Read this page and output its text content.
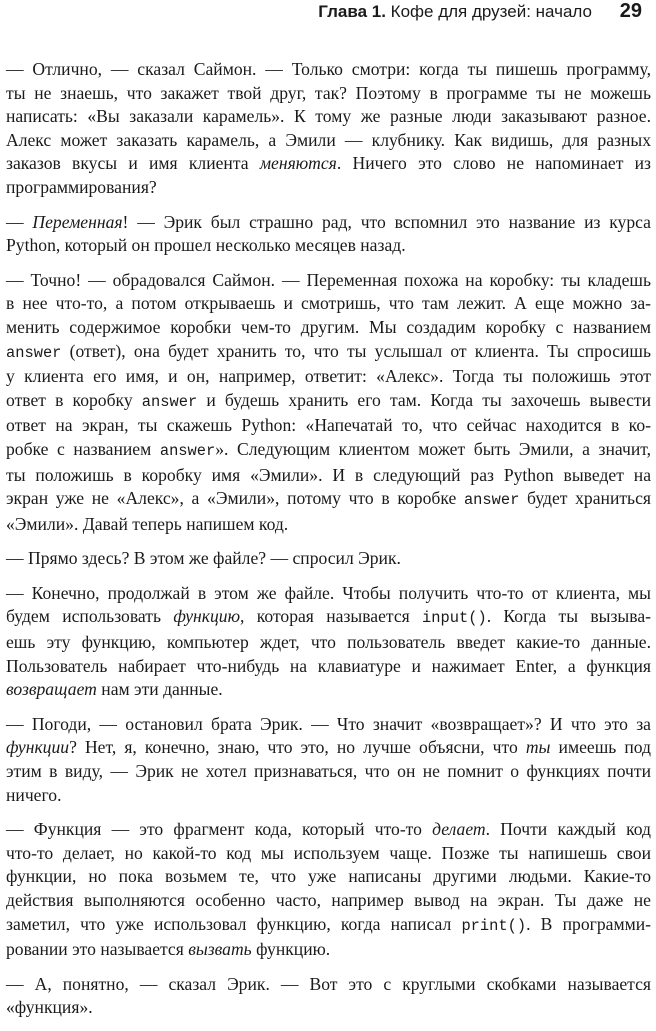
Глава 1. Кофе для друзей: начало 29

— Отлично, — сказал Саймон. — Только смотри: когда ты пишешь программу,
ты не знаешь, что закажет твой друг, так? Поэтому в программе ты не можешь
написать: «Вы заказали карамель». К тому же разные люди заказывают разное.
Алекс может заказать карамель, а Эмили — клубнику. Как видишь, для разных
заказов вкусы и имя клиента меняются. Ничего это слово не напоминает из
программирования?

— Переменная! — Эрик был страшно рад, что вспомнил это название из курса
Python, который он прошел несколько месяцев назад.

— Точно! — обрадовался Саймон. — Переменная похожа на коробку: ты кладешь
в нее что-то, а потом открываешь и смотришь, что там лежит. А еще можно за-
менить содержимое коробки чем-то другим. Мы создадим коробку с названием
answer (ответ), она будет хранить то, что ты услышал от клиента. Ты спросишь
у клиента его имя, и он, например, ответит: «Алекс». Тогда ты положишь этот
ответ в коробку answer и будешь хранить его там. Когда ты захочешь вывести
ответ на экран, ты скажешь Python: «Напечатай то, что сейчас находится в ко-
робке с названием answer». Следующим клиентом может быть Эмили, а значит,
ты положишь в коробку имя «Эмили». И в следующий раз Python выведет на
экран уже не «Алекс», а «Эмили», потому что в коробке answer будет храниться
«Эмили». Давай теперь напишем код.

— Прямо здесь? В этом же файле? — спросил Эрик.

— Конечно, продолжай в этом же файле. Чтобы получить что-то от клиента, мы
будем использовать функцию, которая называется input(). Когда ты вызыва-
ешь эту функцию, компьютер ждет, что пользователь введет какие-то данные.
Пользователь набирает что-нибудь на клавиатуре и нажимает Enter, а функция
возвращает нам эти данные.

— Погоди, — остановил брата Эрик. — Что значит «возвращает»? И что это за
функции? Нет, я, конечно, знаю, что это, но лучше объясни, что ты имеешь под
этим в виду, — Эрик не хотел признаваться, что он не помнит о функциях почти
ничего.

— Функция — это фрагмент кода, который что-то делает. Почти каждый код
что-то делает, но какой-то код мы используем чаще. Позже ты напишешь свои
функции, но пока возьмем те, что уже написаны другими людьми. Какие-то
действия выполняются особенно часто, например вывод на экран. Ты даже не
заметил, что уже использовал функцию, когда написал print(). В программи-
ровании это называется вызвать функцию.

— А, понятно, — сказал Эрик. — Вот это с круглыми скобками называется
«функция».
